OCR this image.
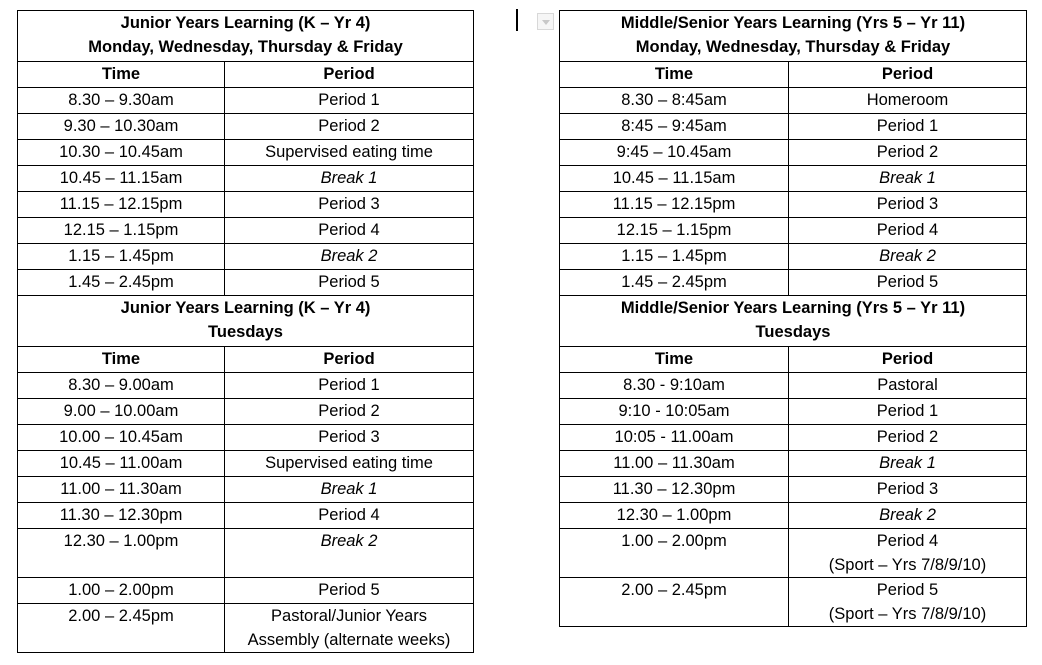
Junior Years Learning (K – Yr 4)
Monday, Wednesday, Thursday & Friday	

Time	Period
8.30 – 9.30am	Period 1
9.30 – 10.30am	Period 2
10.30 – 10.45am	Supervised eating time
10.45 – 11.15am	Break 1
11.15 – 12.15pm	Period 3
12.15 – 1.15pm	Period 4
1.15 – 1.45pm	Break 2
1.45 – 2.45pm	Period 5

Junior Years Learning (K – Yr 4)
Tuesdays	

Time	Period
8.30 – 9.00am	Period 1
9.00 – 10.00am	Period 2
10.00 – 10.45am	Period 3
10.45 – 11.00am	Supervised eating time
11.00 – 11.30am	Break 1
11.30 – 12.30pm	Period 4
12.30 – 1.00pm	Break 2
1.00 – 2.00pm	Period 5
2.00 – 2.45pm	Pastoral/Junior Years
Assembly (alternate weeks)
Middle/Senior Years Learning (Yrs 5 – Yr 11)
Monday, Wednesday, Thursday & Friday	

Time	Period
8.30 – 8:45am	Homeroom
8:45 – 9:45am	Period 1
9:45 – 10.45am	Period 2
10.45 – 11.15am	Break 1
11.15 – 12.15pm	Period 3
12.15 – 1.15pm	Period 4
1.15 – 1.45pm	Break 2
1.45 – 2.45pm	Period 5

Middle/Senior Years Learning (Yrs 5 – Yr 11)
Tuesdays	

Time	Period
8.30 - 9:10am	Pastoral
9:10 - 10:05am	Period 1
10:05 - 11.00am	Period 2
11.00 – 11.30am	Break 1
11.30 – 12.30pm	Period 3
12.30 – 1.00pm	Break 2
1.00 – 2.00pm	Period 4
(Sport – Yrs 7/8/9/10)

2.00 – 2.45pm	Period 5
(Sport – Yrs 7/8/9/10)
